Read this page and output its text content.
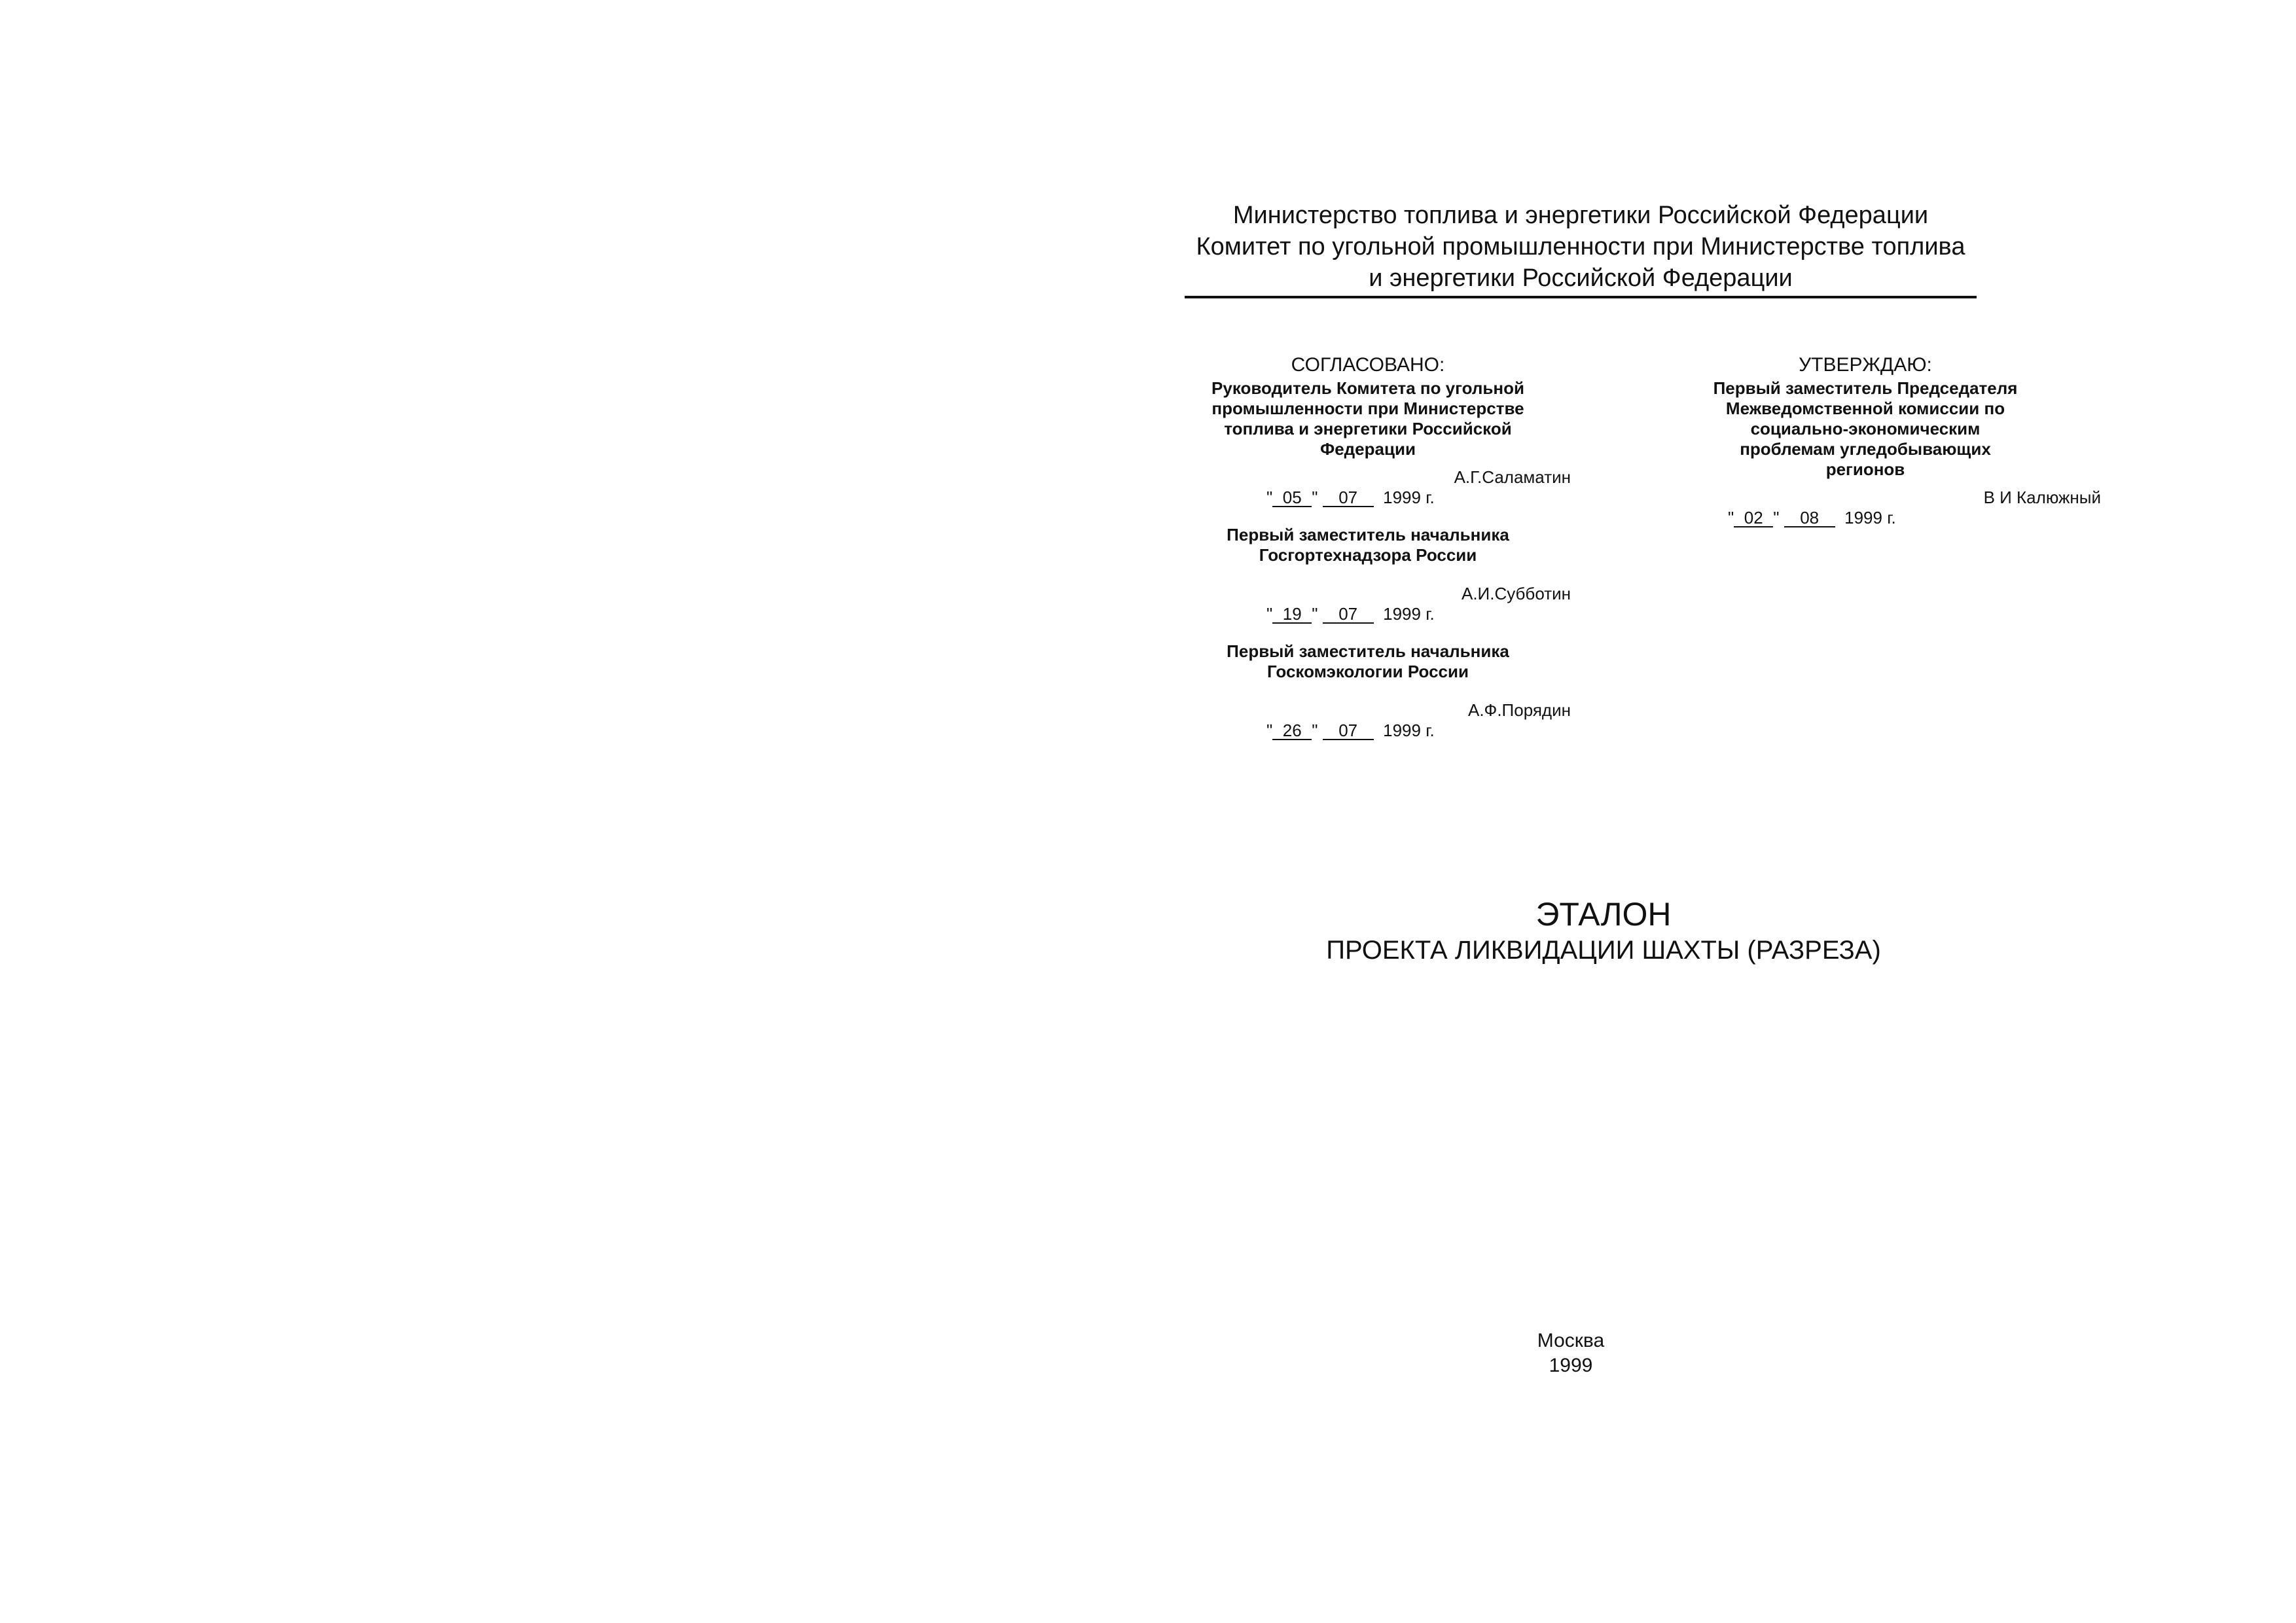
Министерство топлива и энергетики Российской Федерации
Комитет по угольной промышленности при Министерстве топлива
и энергетики Российской Федерации
СОГЛАСОВАНО:
Руководитель Комитета по угольной
промышленности при Министерстве
топлива и энергетики Российской
Федерации
А.Г.Саламатин
" 05 " 07 1999 г.
Первый заместитель начальника
Госгортехнадзора России
А.И.Субботин
" 19 " 07 1999 г.
Первый заместитель начальника
Госкомэкологии России
А.Ф.Порядин
" 26 " 07 1999 г.
УТВЕРЖДАЮ:
Первый заместитель Председателя
Межведомственной комиссии по
социально-экономическим
проблемам угледобывающих
регионов
В И Калюжный
" 02 " 08 1999 г.
ЭТАЛОН
ПРОЕКТА ЛИКВИДАЦИИ ШАХТЫ (РАЗРЕЗА)
Москва
1999
